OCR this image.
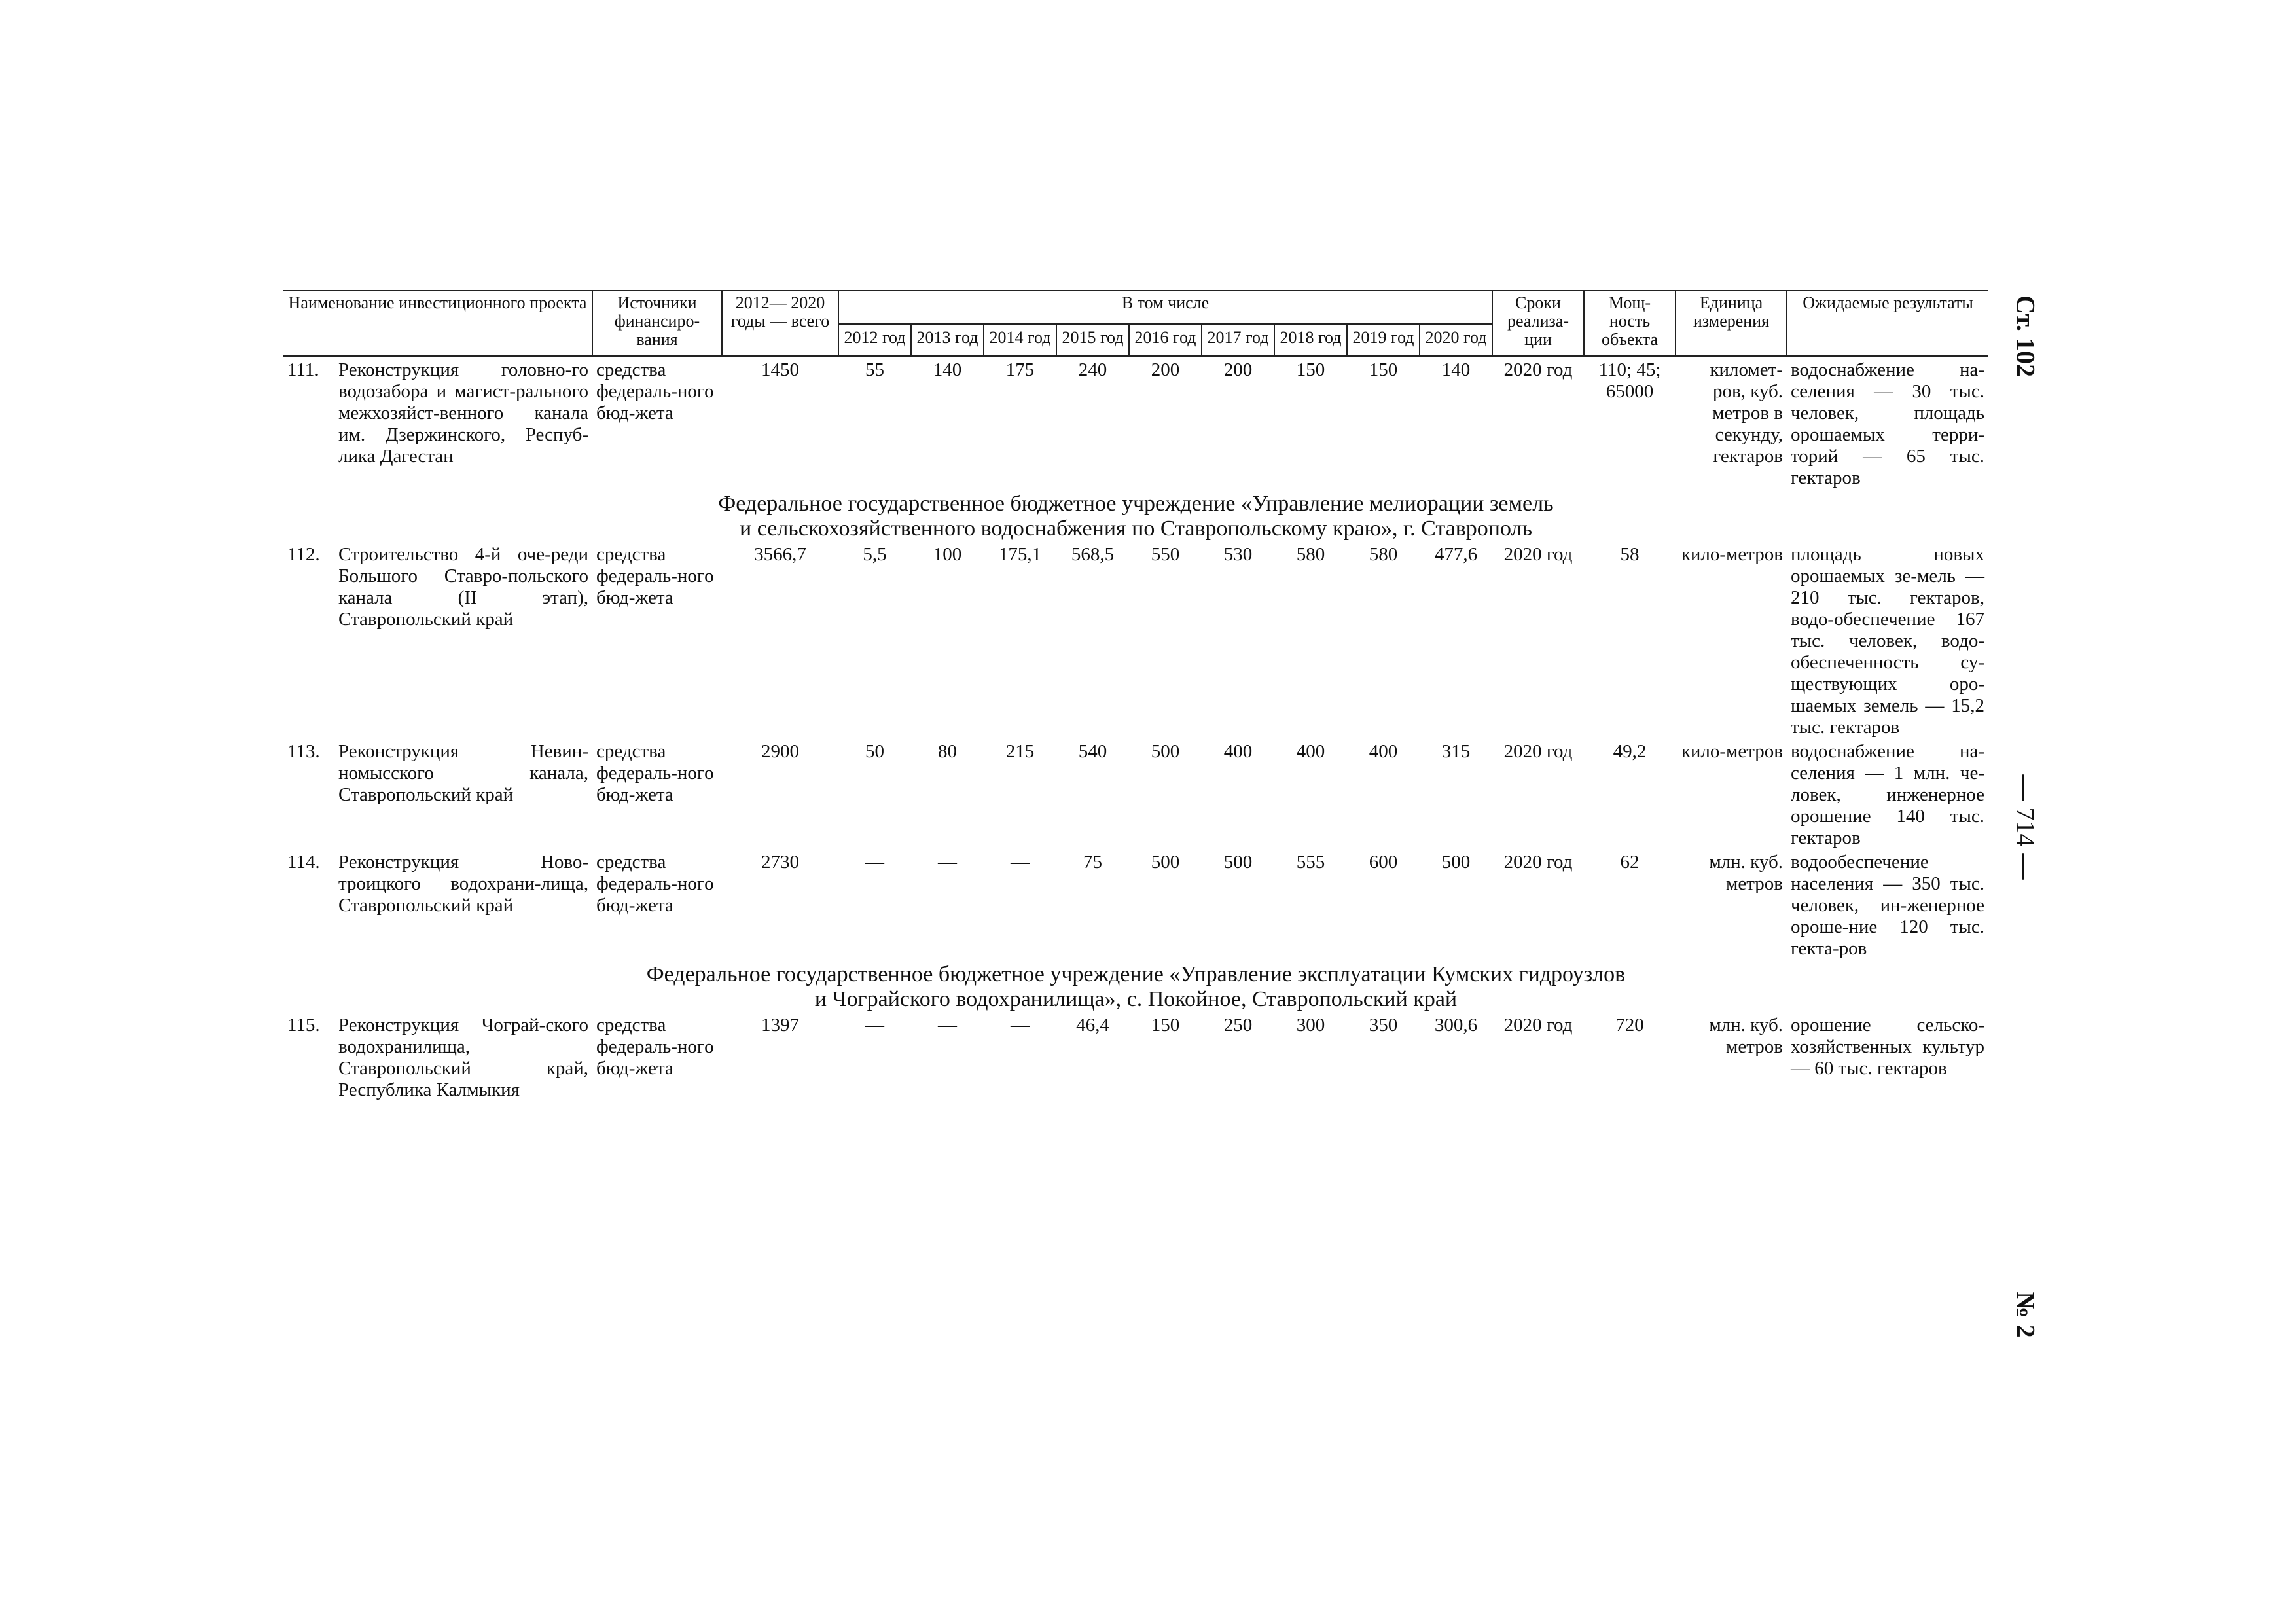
Наименование инвестиционного проекта	Источники финансиро-вания	2012— 2020 годы — всего	В том числе									Сроки реализа-ции	Мощ-ность объекта	Единица измерения	Ожидаемые результаты
			2012 год	2013 год	2014 год	2015 год	2016 год	2017 год	2018 год	2019 год	2020 год				
111. Реконструкция головно-го водозабора и магист-рального межхозяйст-венного канала им. Дзержинского, Респуб-лика Дагестан	средства федераль-ного бюд-жета	1450	55	140	175	240	200	200	150	150	140	2020 год	110; 45; 65000	километ-ров, куб. метров в секунду, гектаров	водоснабжение на-селения — 30 тыс. человек, площадь орошаемых терри-торий — 65 тыс. гектаров

Федеральное государственное бюджетное учреждение «Управление мелиорации земель
и сельскохозяйственного водоснабжения по Ставропольскому краю», г. Ставрополь															

112. Строительство 4-й оче-реди Большого Ставро-польского канала (II этап), Ставропольский край	средства федераль-ного бюд-жета	3566,7	5,5	100	175,1	568,5	550	530	580	580	477,6	2020 год	58	кило-метров	площадь новых орошаемых зе-мель — 210 тыс. гектаров, водо-обеспечение 167 тыс. человек, водо-обеспеченность су-ществующих оро-шаемых земель — 15,2 тыс. гектаров
113. Реконструкция Невин-номысского канала, Ставропольский край	средства федераль-ного бюд-жета	2900	50	80	215	540	500	400	400	400	315	2020 год	49,2	кило-метров	водоснабжение на-селения — 1 млн. че-ловек, инженерное орошение 140 тыс. гектаров
114. Реконструкция Ново-троицкого водохрани-лища, Ставропольский край	средства федераль-ного бюд-жета	2730	—	—	—	75	500	500	555	600	500	2020 год	62	млн. куб. метров	водообеспечение населения — 350 тыс. человек, ин-женерное ороше-ние 120 тыс. гекта-ров

Федеральное государственное бюджетное учреждение «Управление эксплуатации Кумских гидроузлов
и Чограйского водохранилища», с. Покойное, Ставропольский край															

115. Реконструкция Чограй-ского водохранилища, Ставропольский край, Республика Калмыкия	средства федераль-ного бюд-жета	1397	—	—	—	46,4	150	250	300	350	300,6	2020 год	720	млн. куб. метров	орошение сельско-хозяйственных культур — 60 тыс. гектаров
Ст. 102
— 714 —
№ 2
